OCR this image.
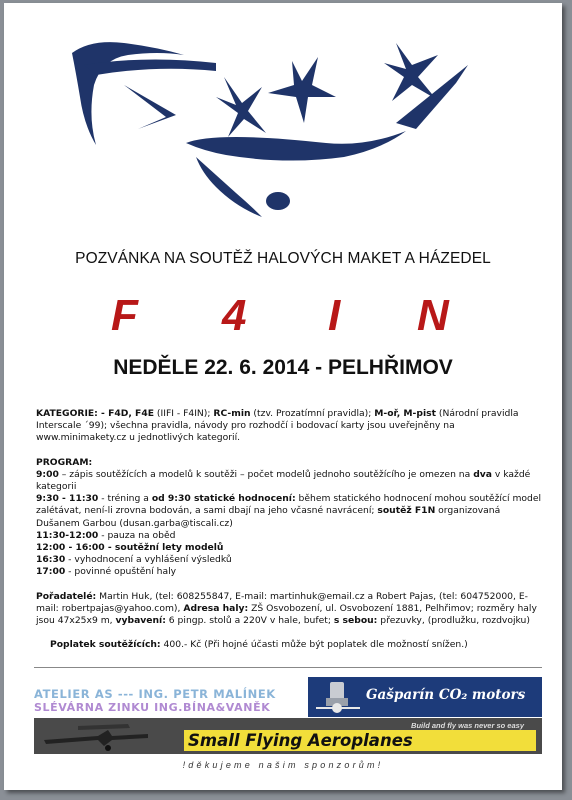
POZVÁNKA NA SOUTĚŽ HALOVÝCH MAKET A HÁZEDEL
F 4 I N
NEDĚLE 22. 6. 2014 - PELHŘIMOV

KATEGORIE: - F4D, F4E (IIFI - F4IN); RC-min (tzv. Prozatímní pravidla); M-oř, M-pist (Národní pravidla Interscale ´99); všechna pravidla, návody pro rozhodčí i bodovací karty jsou uveřejněny na www.minimakety.cz u jednotlivých kategorií.

PROGRAM:

9:00 – zápis soutěžících a modelů k soutěži – počet modelů jednoho soutěžícího je omezen na dva v každé kategorii

9:30 - 11:30 - tréning a od 9:30 statické hodnocení: během statického hodnocení mohou soutěžící model zalétávat, není-li zrovna bodován, a sami dbají na jeho včasné navrácení; soutěž F1N organizovaná Dušanem Garbou (dusan.garba@tiscali.cz)

11:30-12:00 - pauza na oběd

12:00 - 16:00 - soutěžní lety modelů

16:30 - vyhodnocení a vyhlášení výsledků

17:00 - povinné opuštění haly

Pořadatelé: Martin Huk, (tel: 608255847, E-mail: martinhuk@email.cz a Robert Pajas, (tel: 604752000, E-mail: robertpajas@yahoo.com), Adresa haly: ZŠ Osvobození, ul. Osvobození 1881, Pelhřimov; rozměry haly jsou 47x25x9 m, vybavení: 6 pingp. stolů a 220V v hale, bufet; s sebou: přezuvky, (prodlužku, rozdvojku)

Poplatek soutěžících: 400.- Kč (Při hojné účasti může být poplatek dle možností snížen.)

ATELIER AS --- ING. PETR MALÍNEK
SLÉVÁRNA ZINKU ING.BÍNA&VANĚK
Gašparín CO₂ motors
Build and fly was never so easy
Small Flying Aeroplanes
!děkujeme našim sponzorům!
